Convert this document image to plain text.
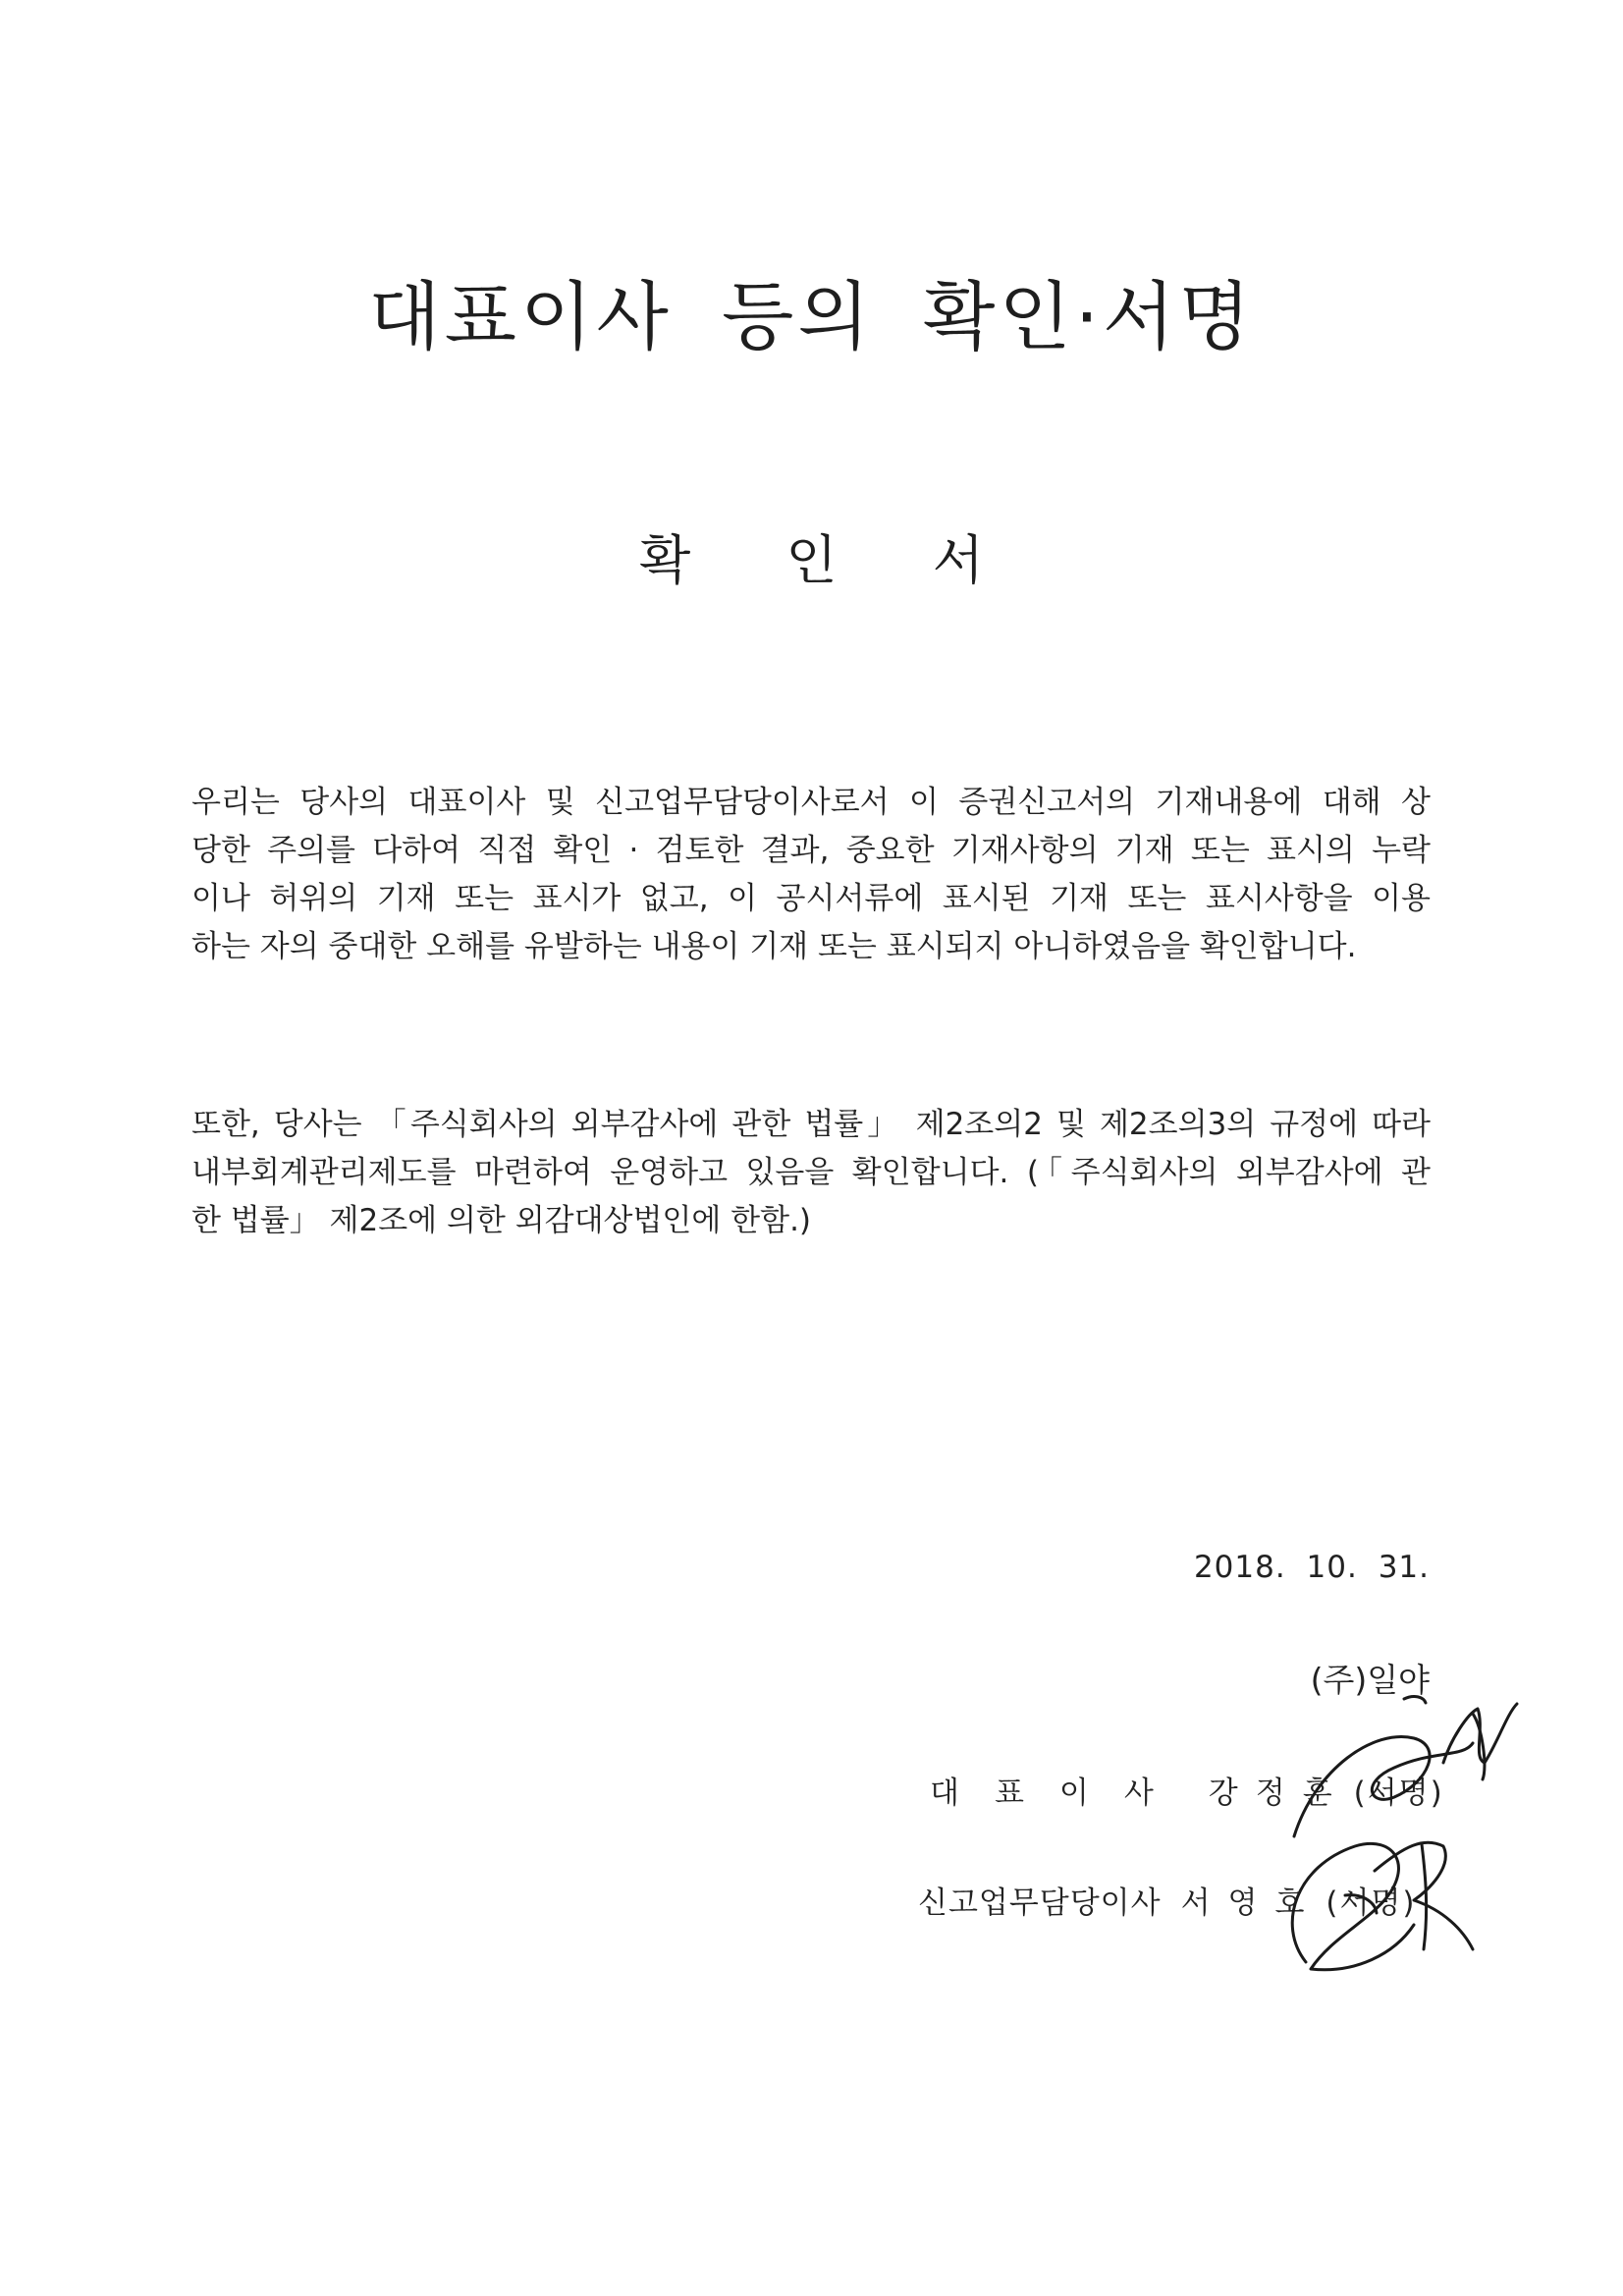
대표이사 등의 확인·서명
확 인 서
우리는 당사의 대표이사 및 신고업무담당이사로서 이 증권신고서의 기재내용에 대해 상
당한 주의를 다하여 직접 확인 · 검토한 결과, 중요한 기재사항의 기재 또는 표시의 누락
이나 허위의 기재 또는 표시가 없고, 이 공시서류에 표시된 기재 또는 표시사항을 이용
하는 자의 중대한 오해를 유발하는 내용이 기재 또는 표시되지 아니하였음을 확인합니다.
또한, 당사는 「주식회사의 외부감사에 관한 법률」 제2조의2 및 제2조의3의 규정에 따라
내부회계관리제도를 마련하여 운영하고 있음을 확인합니다. (「주식회사의 외부감사에 관
한 법률」 제2조에 의한 외감대상법인에 한함.)
2018. 10. 31.
(주)일야
대표이사 강정훈 (서명)
신고업무담당이사 서영호 (서명)
